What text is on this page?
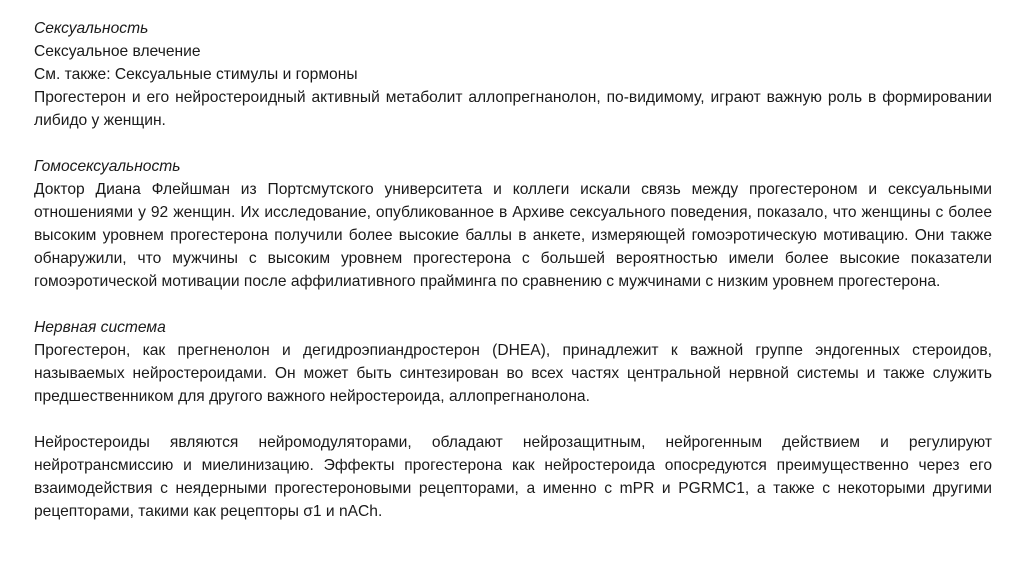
Сексуальность
Сексуальное влечение
См. также: Сексуальные стимулы и гормоны
Прогестерон и его нейростероидный активный метаболит аллопрегнанолон, по-видимому, играют важную роль в формировании либидо у женщин.
Гомосексуальность
Доктор Диана Флейшман из Портсмутского университета и коллеги искали связь между прогестероном и сексуальными отношениями у 92 женщин. Их исследование, опубликованное в Архиве сексуального поведения, показало, что женщины с более высоким уровнем прогестерона получили более высокие баллы в анкете, измеряющей гомоэротическую мотивацию. Они также обнаружили, что мужчины с высоким уровнем прогестерона с большей вероятностью имели более высокие показатели гомоэротической мотивации после аффилиативного прайминга по сравнению с мужчинами с низким уровнем прогестерона.
Нервная система
Прогестерон, как прегненолон и дегидроэпиандростерон (DHEA), принадлежит к важной группе эндогенных стероидов, называемых нейростероидами. Он может быть синтезирован во всех частях центральной нервной системы и также служить предшественником для другого важного нейростероида, аллопрегнанолона.
Нейростероиды являются нейромодуляторами, обладают нейрозащитным, нейрогенным действием и регулируют нейротрансмиссию и миелинизацию. Эффекты прогестерона как нейростероида опосредуются преимущественно через его взаимодействия с неядерными прогестероновыми рецепторами, а именно с mPR и PGRMC1, а также с некоторыми другими рецепторами, такими как рецепторы σ1 и nACh.
